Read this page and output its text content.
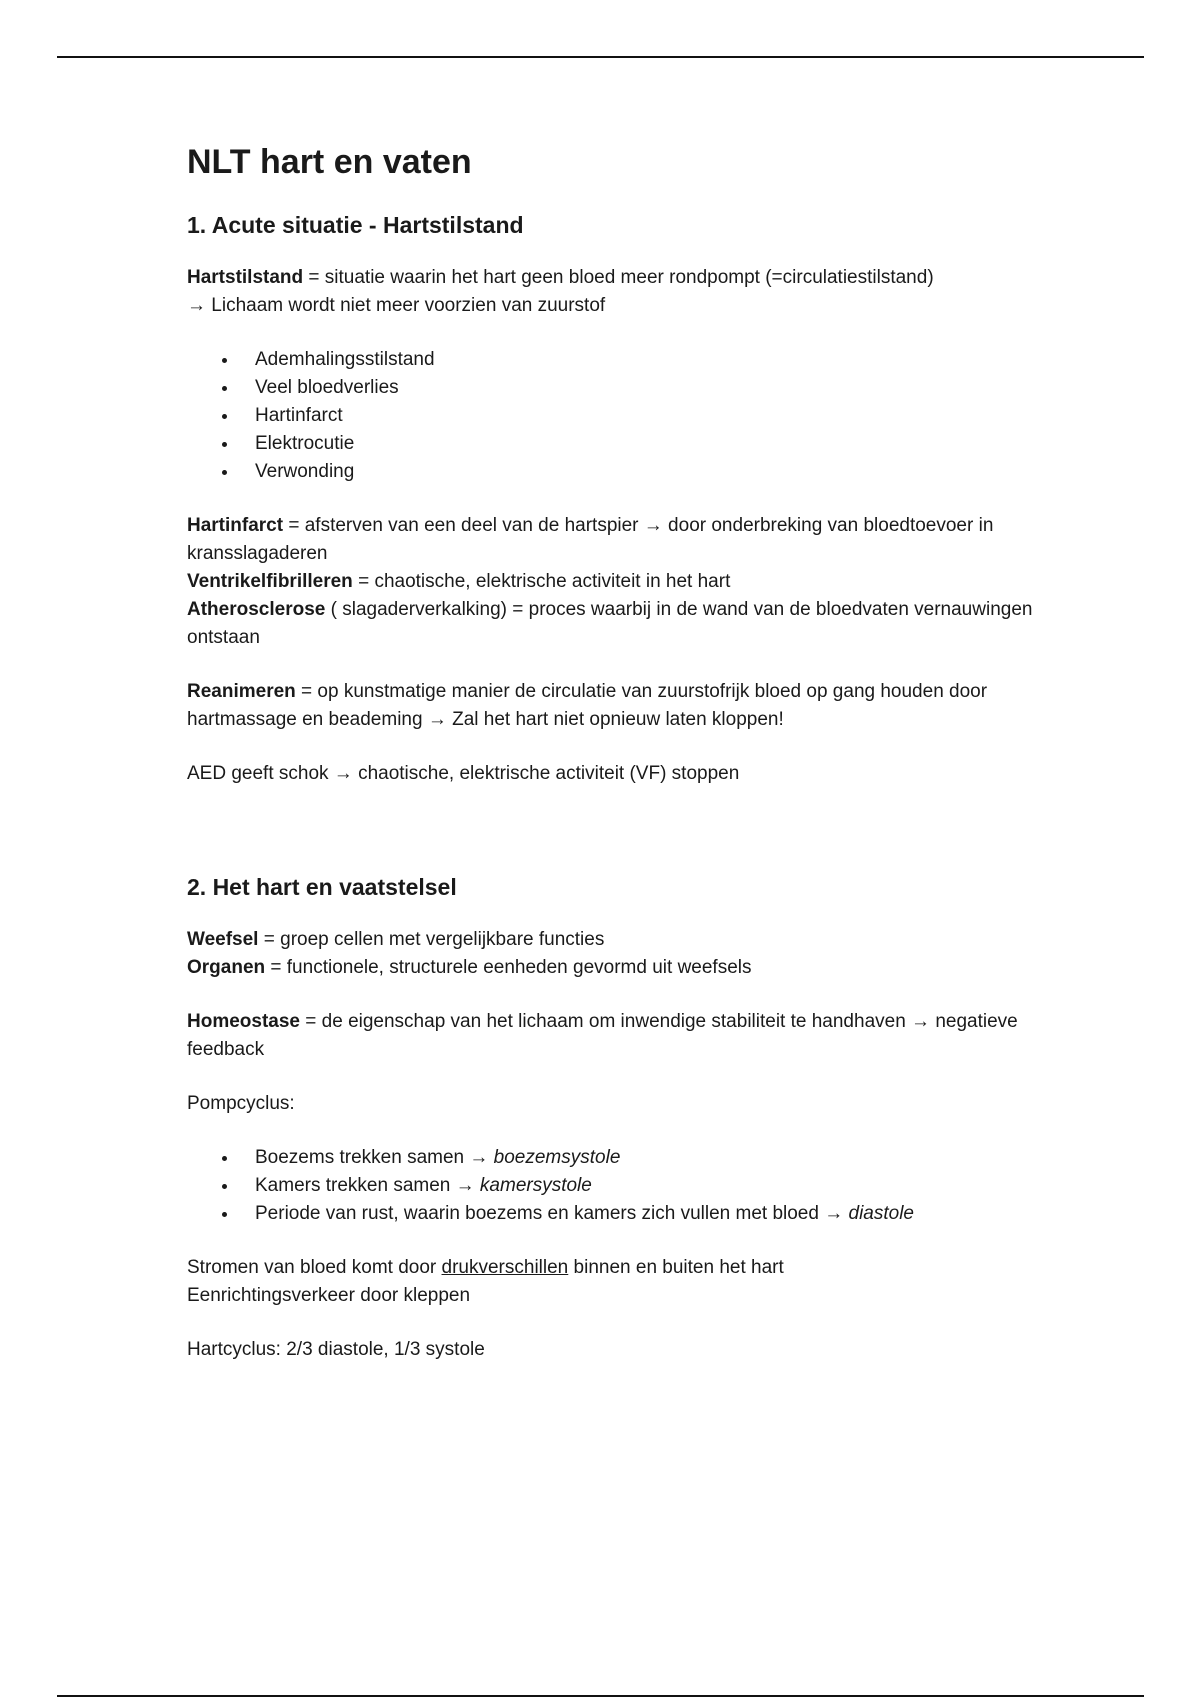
NLT hart en vaten
1. Acute situatie - Hartstilstand

Hartstilstand = situatie waarin het hart geen bloed meer rondpompt (=circulatiestilstand)

→ Lichaam wordt niet meer voorzien van zuurstof

Ademhalingsstilstand
Veel bloedverlies
Hartinfarct
Elektrocutie
Verwonding

Hartinfarct = afsterven van een deel van de hartspier → door onderbreking van bloedtoevoer in kransslagaderen

Ventrikelfibrilleren = chaotische, elektrische activiteit in het hart

Atherosclerose ( slagaderverkalking) = proces waarbij in de wand van de bloedvaten vernauwingen ontstaan

Reanimeren = op kunstmatige manier de circulatie van zuurstofrijk bloed op gang houden door hartmassage en beademing → Zal het hart niet opnieuw laten kloppen!

AED geeft schok → chaotische, elektrische activiteit (VF) stoppen

2. Het hart en vaatstelsel

Weefsel = groep cellen met vergelijkbare functies

Organen = functionele, structurele eenheden gevormd uit weefsels

Homeostase = de eigenschap van het lichaam om inwendige stabiliteit te handhaven → negatieve feedback

Pompcyclus:

Boezems trekken samen → boezemsystole
Kamers trekken samen → kamersystole
Periode van rust, waarin boezems en kamers zich vullen met bloed → diastole

Stromen van bloed komt door drukverschillen binnen en buiten het hart

Eenrichtingsverkeer door kleppen

Hartcyclus: 2/3 diastole, 1/3 systole
